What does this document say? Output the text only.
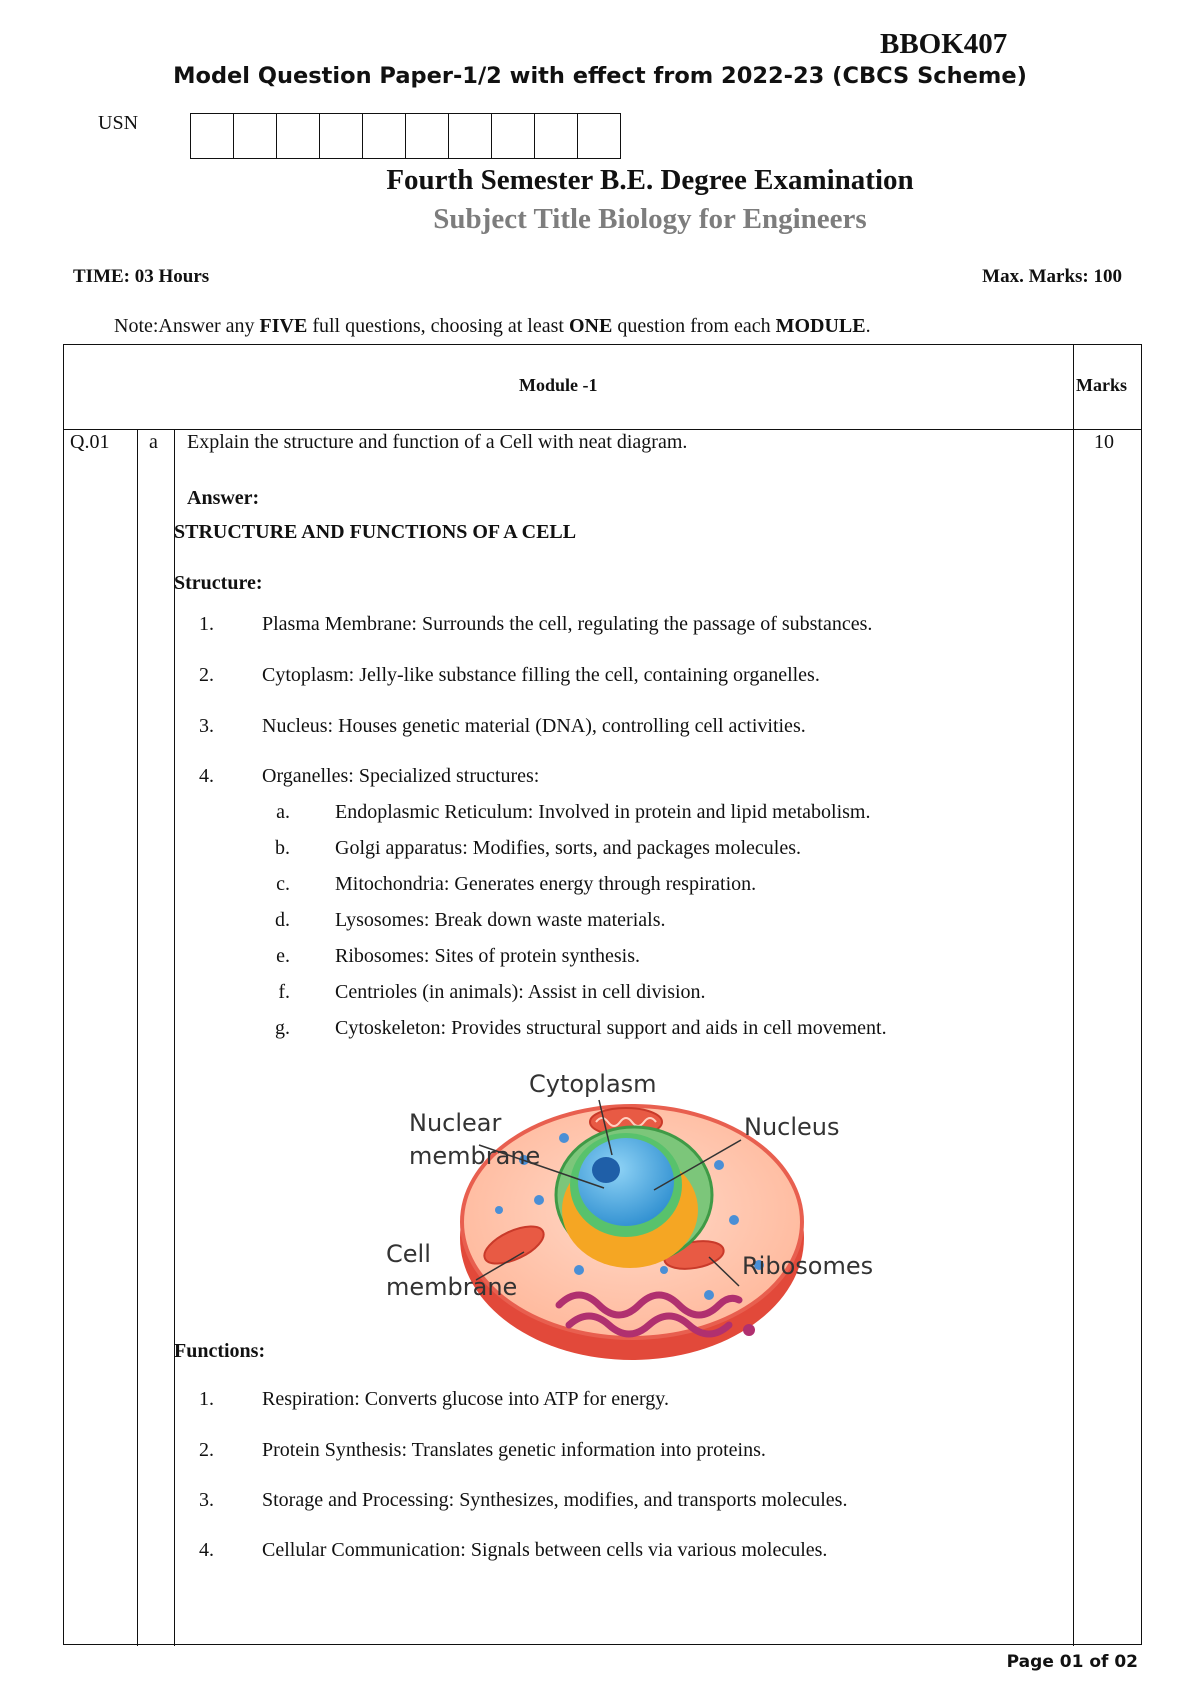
BBOK407
Model Question Paper-1/2 with effect from 2022-23 (CBCS Scheme)
USN
Fourth Semester B.E. Degree Examination
Subject Title Biology for Engineers
TIME: 03 Hours	Max. Marks: 100
Note:Answer any FIVE full questions, choosing at least ONE question from each MODULE.
Module -1	Marks
Q.01 a Explain the structure and function of a Cell with neat diagram.	10
Answer:
STRUCTURE AND FUNCTIONS OF A CELL
Structure:
1. Plasma Membrane: Surrounds the cell, regulating the passage of substances.
2. Cytoplasm: Jelly-like substance filling the cell, containing organelles.
3. Nucleus: Houses genetic material (DNA), controlling cell activities.
4. Organelles: Specialized structures:
a. Endoplasmic Reticulum: Involved in protein and lipid metabolism.
b. Golgi apparatus: Modifies, sorts, and packages molecules.
c. Mitochondria: Generates energy through respiration.
d. Lysosomes: Break down waste materials.
e. Ribosomes: Sites of protein synthesis.
f. Centrioles (in animals): Assist in cell division.
g. Cytoskeleton: Provides structural support and aids in cell movement.
Cytoplasm
Nuclear
membrane
Nucleus
Cell
membrane
Ribosomes
Functions:
1. Respiration: Converts glucose into ATP for energy.
2. Protein Synthesis: Translates genetic information into proteins.
3. Storage and Processing: Synthesizes, modifies, and transports molecules.
4. Cellular Communication: Signals between cells via various molecules.
Page 01 of 02
